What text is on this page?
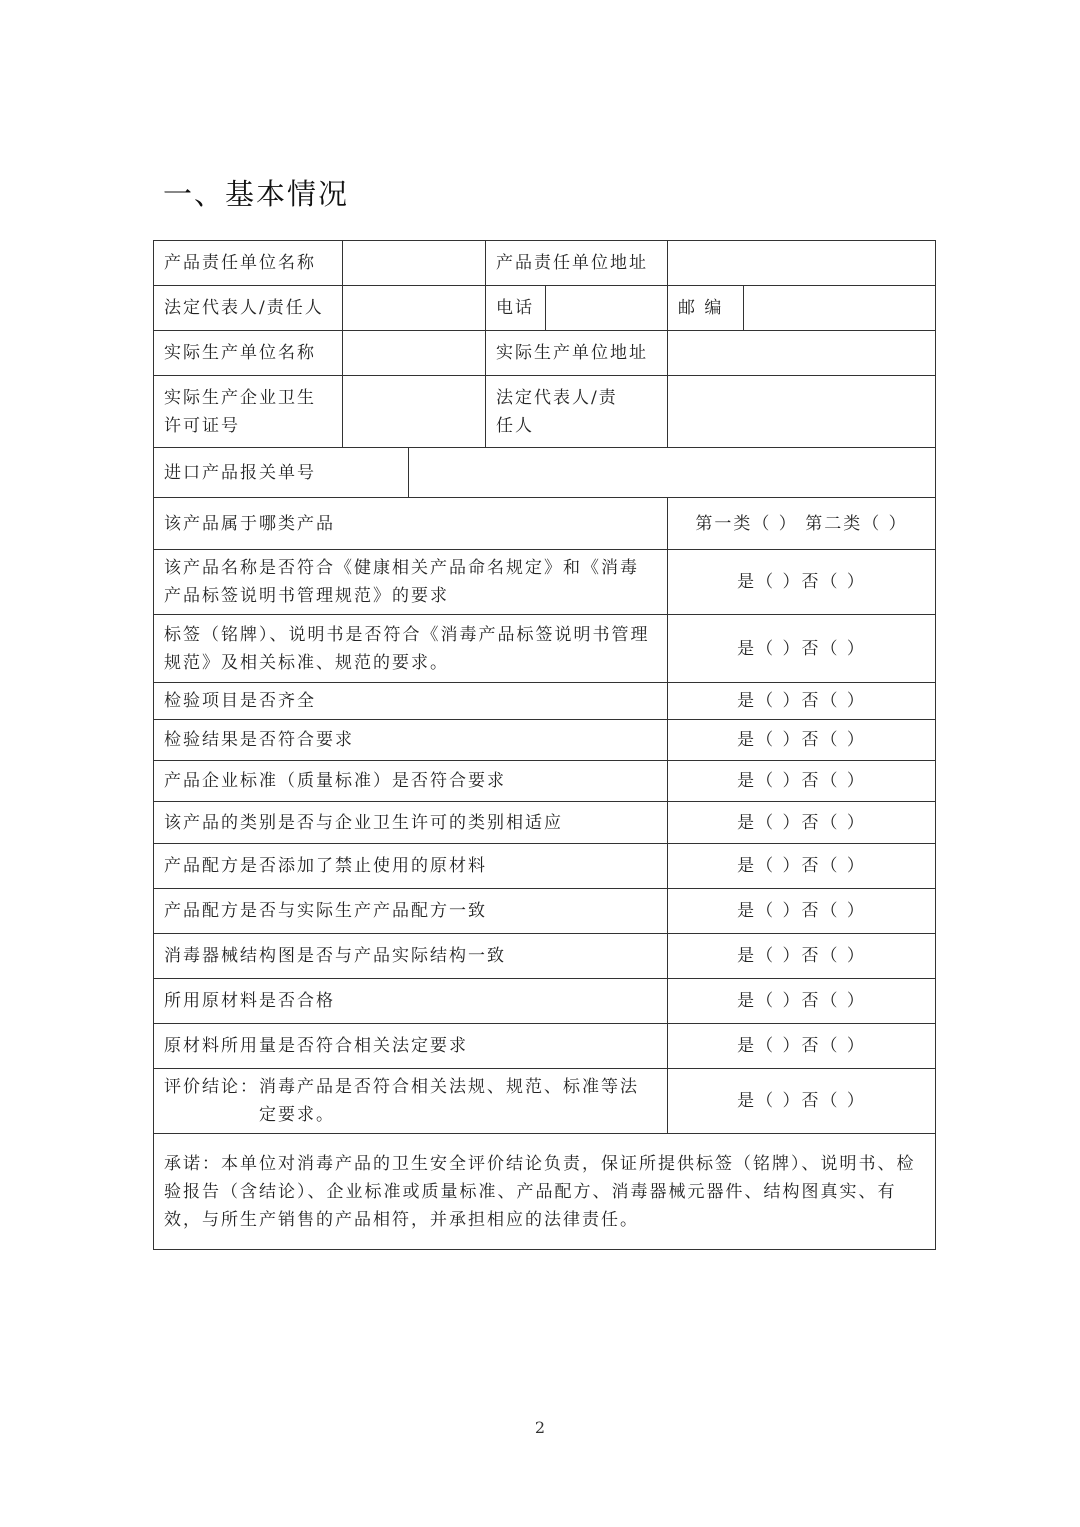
一、基本情况
产品责任单位名称			产品责任单位地址			
法定代表人/责任人			电话		邮 编	
实际生产单位名称			实际生产单位地址			
实际生产企业卫生许可证号			法定代表人/责任人			
进口产品报关单号						
该产品属于哪类产品					第一类（ ） 第二类（ ）	
该产品名称是否符合《健康相关产品命名规定》和《消毒产品标签说明书管理规范》的要求					是（ ）否（ ）	
标签（铭牌）、说明书是否符合《消毒产品标签说明书管理规范》及相关标准、规范的要求。					是（ ）否（ ）	
检验项目是否齐全					是（ ）否（ ）	
检验结果是否符合要求					是（ ）否（ ）	
产品企业标准（质量标准）是否符合要求					是（ ）否（ ）	
该产品的类别是否与企业卫生许可的类别相适应					是（ ）否（ ）	
产品配方是否添加了禁止使用的原材料					是（ ）否（ ）	
产品配方是否与实际生产产品配方一致					是（ ）否（ ）	
消毒器械结构图是否与产品实际结构一致					是（ ）否（ ）	
所用原材料是否合格					是（ ）否（ ）	
原材料所用量是否符合相关法定要求					是（ ）否（ ）	

评价结论： 消毒产品是否符合相关法规、规范、标准等法定要求。					是（ ）否（ ）	
承诺：本单位对消毒产品的卫生安全评价结论负责，保证所提供标签（铭牌）、说明书、检验报告（含结论）、企业标准或质量标准、产品配方、消毒器械元器件、结构图真实、有效，与所生产销售的产品相符，并承担相应的法律责任。						
2
